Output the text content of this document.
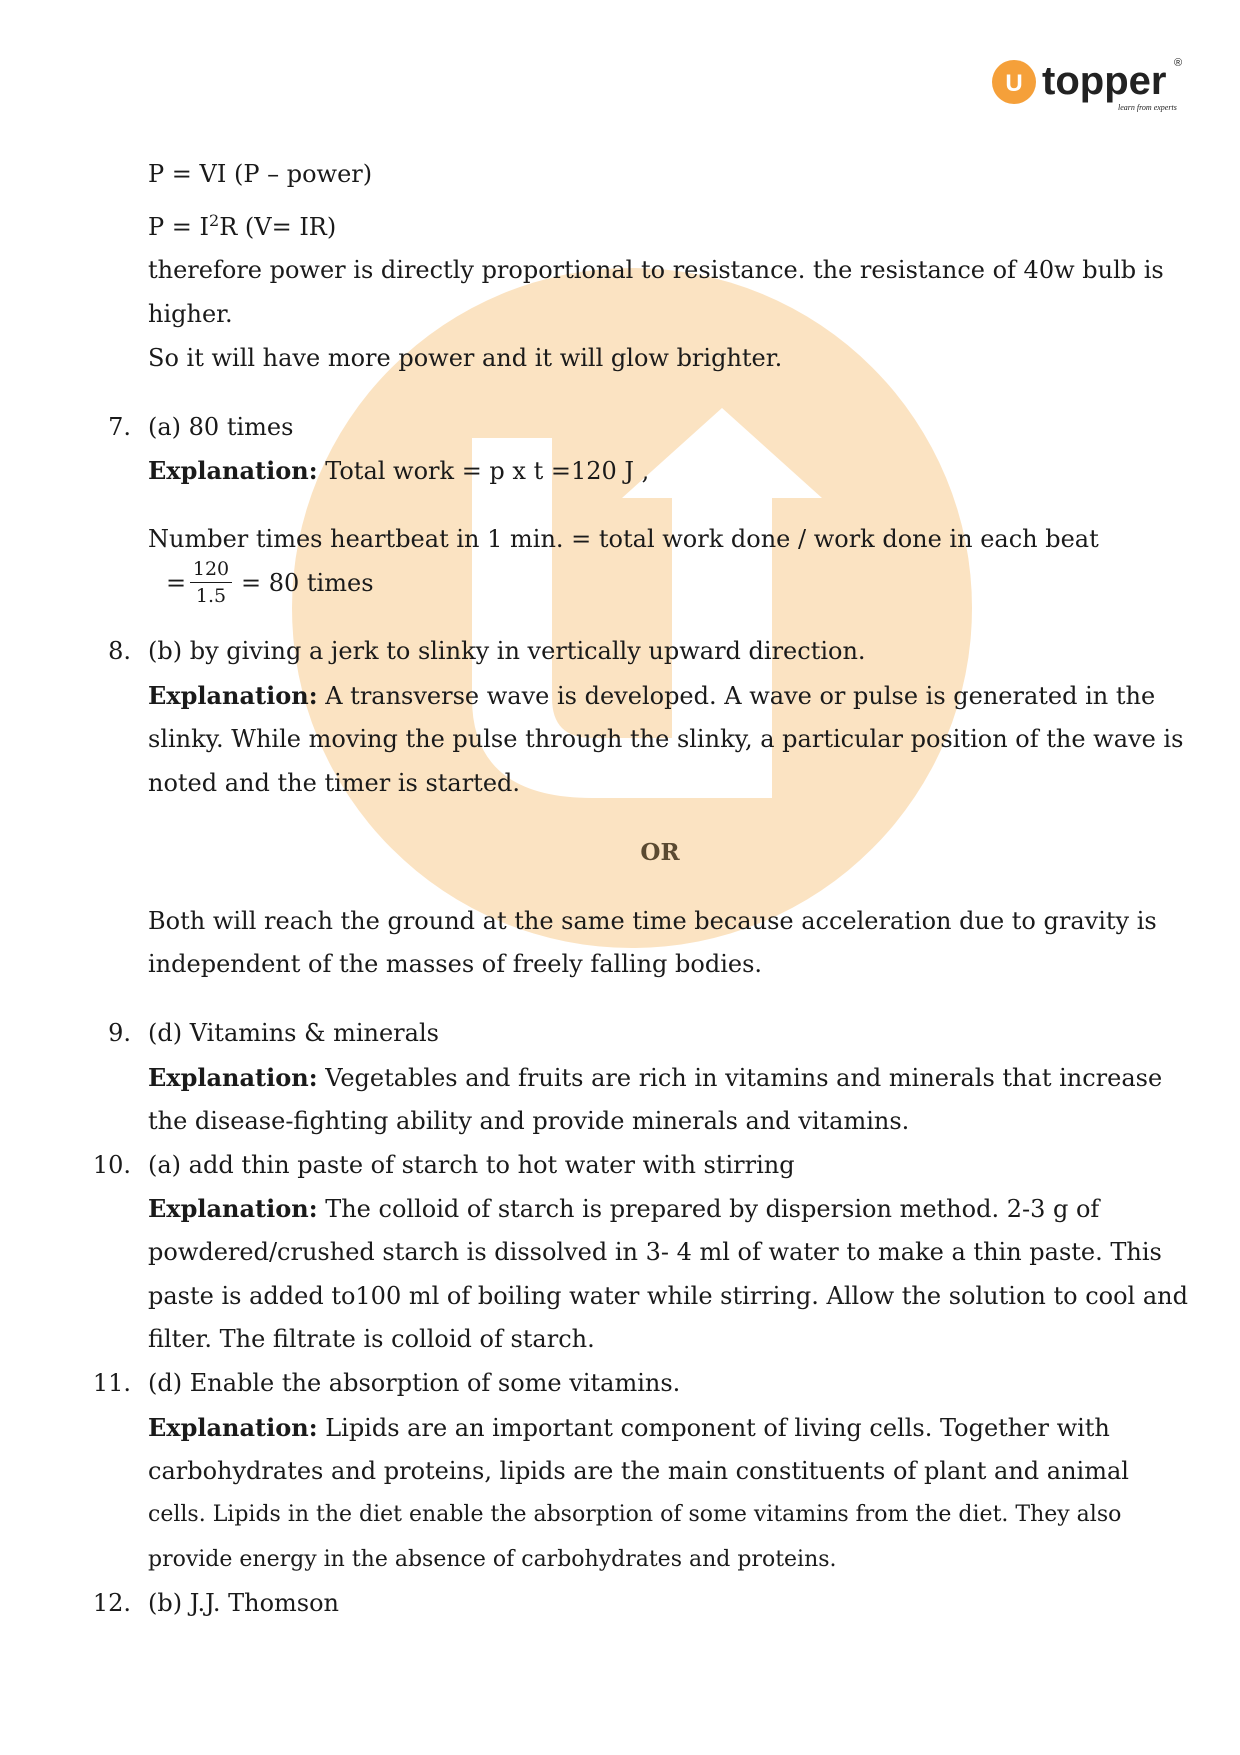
U topper ®
learn from experts
P = VI (P – power)
$P = I^2R$ (V= IR)
therefore power is directly proportional to resistance. the resistance of 40w bulb is
higher.
So it will have more power and it will glow brighter.
7. (a) 80 times
Explanation: Total work = p x t =120 J ,
Number times heartbeat in 1 min. = total work done / work done in each beat
= 120
1.5 = 80 times
8. (b) by giving a jerk to slinky in vertically upward direction.
Explanation: A transverse wave is developed. A wave or pulse is generated in the
slinky. While moving the pulse through the slinky, a particular position of the wave is
noted and the timer is started.
OR
Both will reach the ground at the same time because acceleration due to gravity is
independent of the masses of freely falling bodies.
9. (d) Vitamins & minerals
Explanation: Vegetables and fruits are rich in vitamins and minerals that increase
the disease-fighting ability and provide minerals and vitamins.
10. (a) add thin paste of starch to hot water with stirring
Explanation: The colloid of starch is prepared by dispersion method. 2-3 g of
powdered/crushed starch is dissolved in 3- 4 ml of water to make a thin paste. This
paste is added to100 ml of boiling water while stirring. Allow the solution to cool and
filter. The filtrate is colloid of starch.
11. (d) Enable the absorption of some vitamins.
Explanation: Lipids are an important component of living cells. Together with
carbohydrates and proteins, lipids are the main constituents of plant and animal
cells. Lipids in the diet enable the absorption of some vitamins from the diet. They also
provide energy in the absence of carbohydrates and proteins.
12. (b) J.J. Thomson
